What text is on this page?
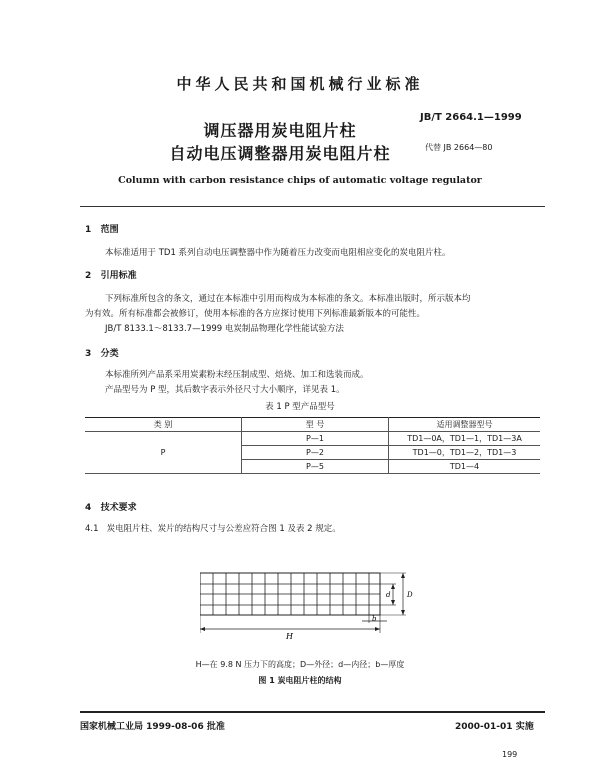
中华人民共和国机械行业标准
JB/T 2664.1—1999
调压器用炭电阻片柱
自动电压调整器用炭电阻片柱	代替 JB 2664—80
Column with carbon resistance chips of automatic voltage regulator
1 范围
本标准适用于 TD1 系列自动电压调整器中作为随着压力改变而电阻相应变化的炭电阻片柱。
2 引用标准
下列标准所包含的条文，通过在本标准中引用而构成为本标准的条文。本标准出版时，所示版本均
为有效。所有标准都会被修订，使用本标准的各方应探讨使用下列标准最新版本的可能性。
JB/T 8133.1～8133.7—1999 电炭制品物理化学性能试验方法
3 分类
本标准所列产品系采用炭素粉末经压制成型、焙烧、加工和选装而成。
产品型号为 P 型，其后数字表示外径尺寸大小顺序，详见表 1。
表 1 P 型产品型号
类 别	型 号	适用调整器型号
P	P—1	TD1—0A，TD1—1，TD1—3A
	P—2	TD1—0，TD1—2，TD1—3
	P—5	TD1—4
4 技术要求
4.1 炭电阻片柱、炭片的结构尺寸与公差应符合图 1 及表 2 规定。
H
b
d D
H—在 9.8 N 压力下的高度；D—外径；d—内径；b—厚度
图 1 炭电阻片柱的结构
国家机械工业局 1999-08-06 批准	2000-01-01 实施
199
